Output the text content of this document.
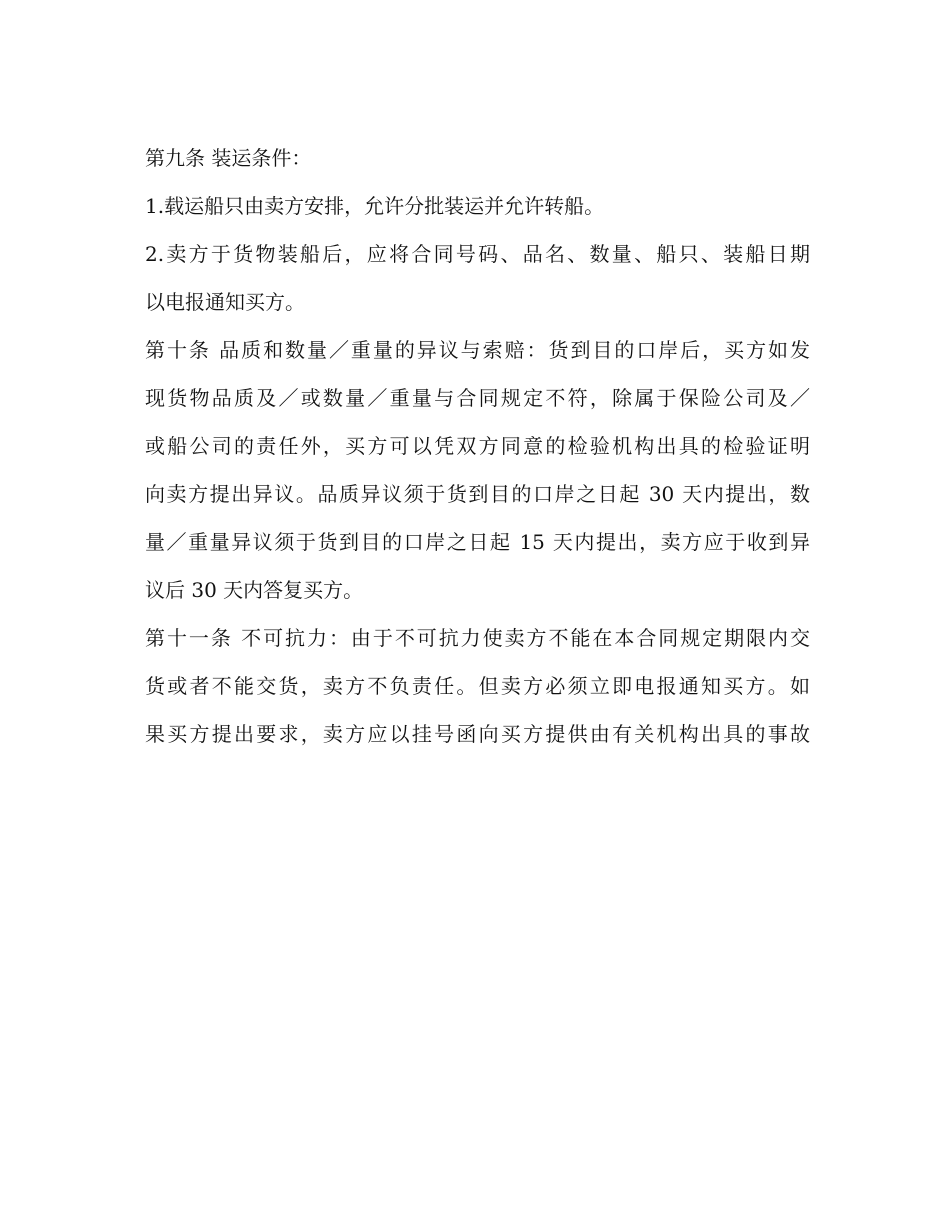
第九条 装运条件：
1.载运船只由卖方安排，允许分批装运并允许转船。
2.卖方于货物装船后，应将合同号码、品名、数量、船只、装船日期
以电报通知买方。
第十条 品质和数量／重量的异议与索赔：货到目的口岸后，买方如发
现货物品质及／或数量／重量与合同规定不符，除属于保险公司及／
或船公司的责任外，买方可以凭双方同意的检验机构出具的检验证明
向卖方提出异议。品质异议须于货到目的口岸之日起 30 天内提出，数
量／重量异议须于货到目的口岸之日起 15 天内提出，卖方应于收到异
议后 30 天内答复买方。
第十一条 不可抗力：由于不可抗力使卖方不能在本合同规定期限内交
货或者不能交货，卖方不负责任。但卖方必须立即电报通知买方。如
果买方提出要求，卖方应以挂号函向买方提供由有关机构出具的事故
